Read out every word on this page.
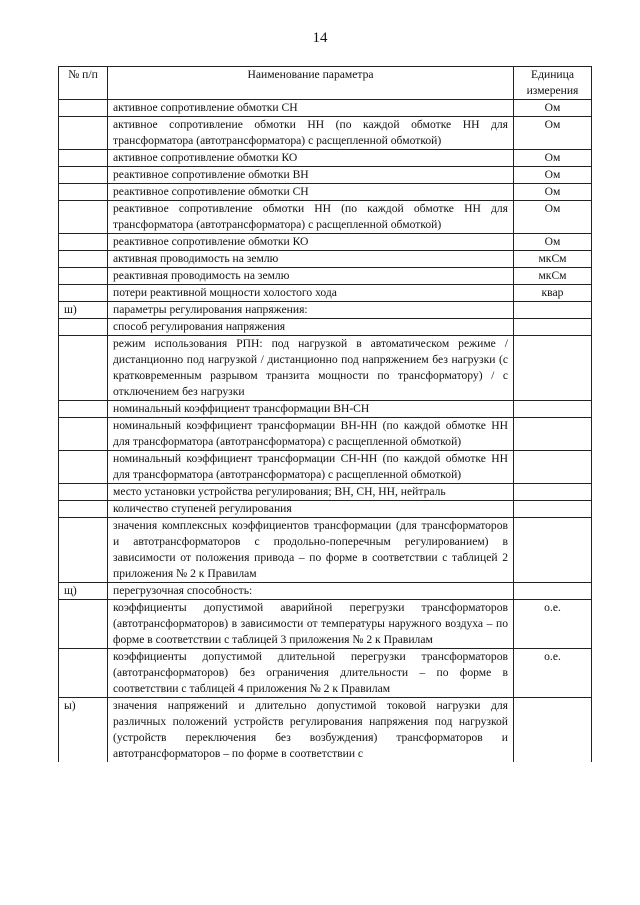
14
№ п/п	Наименование параметра	Единица измерения
	активное сопротивление обмотки СН	Ом
	активное сопротивление обмотки НН (по каждой обмотке НН для трансформатора (автотрансформатора) с расщепленной обмоткой)	Ом
	активное сопротивление обмотки КО	Ом
	реактивное сопротивление обмотки ВН	Ом
	реактивное сопротивление обмотки СН	Ом
	реактивное сопротивление обмотки НН (по каждой обмотке НН для трансформатора (автотрансформатора) с расщепленной обмоткой)	Ом
	реактивное сопротивление обмотки КО	Ом
	активная проводимость на землю	мкСм
	реактивная проводимость на землю	мкСм
	потери реактивной мощности холостого хода	квар
ш)	параметры регулирования напряжения:	
	способ регулирования напряжения	
	режим использования РПН: под нагрузкой в автоматическом режиме / дистанционно под нагрузкой / дистанционно под напряжением без нагрузки (с кратковременным разрывом транзита мощности по трансформатору) / с отключением без нагрузки	
	номинальный коэффициент трансформации ВН-СН	
	номинальный коэффициент трансформации ВН-НН (по каждой обмотке НН для трансформатора (автотрансформатора) с расщепленной обмоткой)	
	номинальный коэффициент трансформации СН-НН (по каждой обмотке НН для трансформатора (автотрансформатора) с расщепленной обмоткой)	
	место установки устройства регулирования; ВН, СН, НН, нейтраль	
	количество ступеней регулирования	
	значения комплексных коэффициентов трансформации (для трансформаторов и автотрансформаторов с продольно-поперечным регулированием) в зависимости от положения привода – по форме в соответствии с таблицей 2 приложения № 2 к Правилам	
щ)	перегрузочная способность:	
	коэффициенты допустимой аварийной перегрузки трансформаторов (автотрансформаторов) в зависимости от температуры наружного воздуха – по форме в соответствии с таблицей 3 приложения № 2 к Правилам	о.е.
	коэффициенты допустимой длительной перегрузки трансформаторов (автотрансформаторов) без ограничения длительности – по форме в соответствии с таблицей 4 приложения № 2 к Правилам	о.е.
ы)	значения напряжений и длительно допустимой токовой нагрузки для различных положений устройств регулирования напряжения под нагрузкой (устройств переключения без возбуждения) трансформаторов и автотрансформаторов – по форме в соответствии с	
